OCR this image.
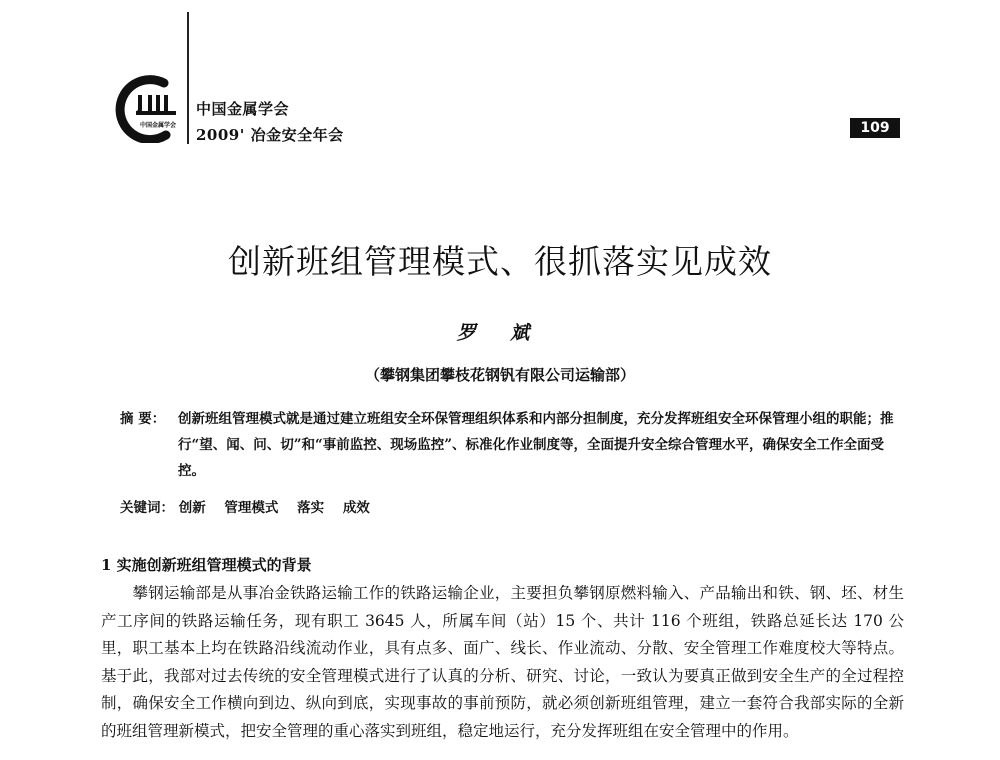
中国金属学会
中国金属学会
2009' 冶金安全年会	109
创新班组管理模式、很抓落实见成效
罗 斌
（攀钢集团攀枝花钢钒有限公司运输部）
摘 要： 创新班组管理模式就是通过建立班组安全环保管理组织体系和内部分担制度，充分发挥班组安全环保管理小组的职能；推行“望、闻、问、切”和“事前监控、现场监控”、标准化作业制度等，全面提升安全综合管理水平，确保安全工作全面受控。
关键词： 创新 管理模式 落实 成效
1 实施创新班组管理模式的背景
　　攀钢运输部是从事冶金铁路运输工作的铁路运输企业，主要担负攀钢原燃料输入、产品输出和铁、钢、坯、材生产工序间的铁路运输任务，现有职工 3645 人，所属车间（站）15 个、共计 116 个班组，铁路总延长达 170 公里，职工基本上均在铁路沿线流动作业，具有点多、面广、线长、作业流动、分散、安全管理工作难度校大等特点。基于此，我部对过去传统的安全管理模式进行了认真的分析、研究、讨论，一致认为要真正做到安全生产的全过程控制，确保安全工作横向到边、纵向到底，实现事故的事前预防，就必须创新班组管理，建立一套符合我部实际的全新的班组管理新模式，把安全管理的重心落实到班组，稳定地运行，充分发挥班组在安全管理中的作用。
